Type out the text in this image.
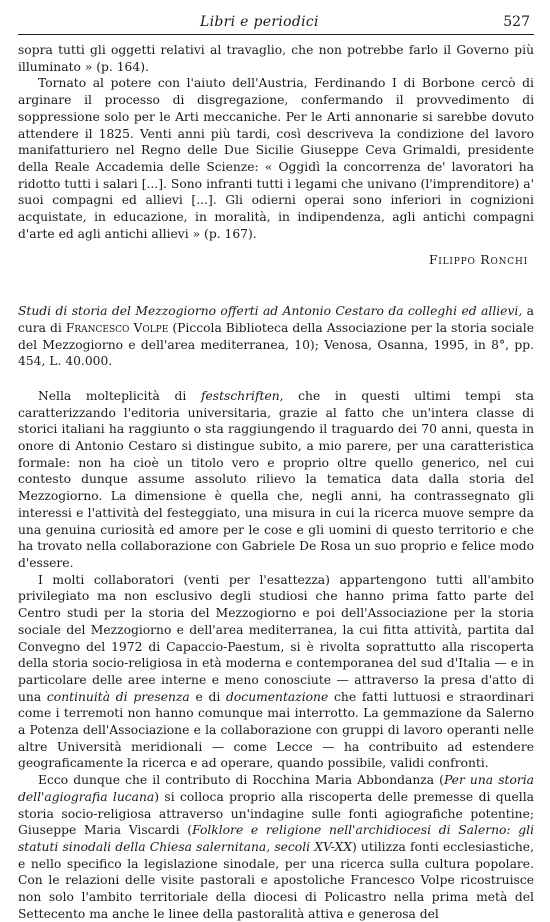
Libri e periodici	527

sopra tutti gli oggetti relativi al travaglio, che non potrebbe farlo il Governo più illuminato » (p. 164).

Tornato al potere con l'aiuto dell'Austria, Ferdinando I di Borbone cercò di arginare il processo di disgregazione, confermando il provvedimento di soppressione solo per le Arti meccaniche. Per le Arti annonarie si sarebbe dovuto attendere il 1825. Venti anni più tardi, così descriveva la condizione del lavoro manifatturiero nel Regno delle Due Sicilie Giuseppe Ceva Grimaldi, presidente della Reale Accademia delle Scienze: « Oggidì la concorrenza de' lavoratori ha ridotto tutti i salari [...]. Sono infranti tutti i legami che univano (l'imprenditore) a' suoi compagni ed allievi [...]. Gli odierni operai sono inferiori in cognizioni acquistate, in educazione, in moralità, in indipendenza, agli antichi compagni d'arte ed agli antichi allievi » (p. 167).

Filippo Ronchi

Studi di storia del Mezzogiorno offerti ad Antonio Cestaro da colleghi ed allievi, a cura di Francesco Volpe (Piccola Biblioteca della Associazione per la storia sociale del Mezzogiorno e dell'area mediterranea, 10); Venosa, Osanna, 1995, in 8°, pp. 454, L. 40.000.

Nella molteplicità di festschriften, che in questi ultimi tempi sta caratterizzando l'editoria universitaria, grazie al fatto che un'intera classe di storici italiani ha raggiunto o sta raggiungendo il traguardo dei 70 anni, questa in onore di Antonio Cestaro si distingue subito, a mio parere, per una caratteristica formale: non ha cioè un titolo vero e proprio oltre quello generico, nel cui contesto dunque assume assoluto rilievo la tematica data dalla storia del Mezzogiorno. La dimensione è quella che, negli anni, ha contrassegnato gli interessi e l'attività del festeggiato, una misura in cui la ricerca muove sempre da una genuina curiosità ed amore per le cose e gli uomini di questo territorio e che ha trovato nella collaborazione con Gabriele De Rosa un suo proprio e felice modo d'essere.

I molti collaboratori (venti per l'esattezza) appartengono tutti all'ambito privilegiato ma non esclusivo degli studiosi che hanno prima fatto parte del Centro studi per la storia del Mezzogiorno e poi dell'Associazione per la storia sociale del Mezzogiorno e dell'area mediterranea, la cui fitta attività, partita dal Convegno del 1972 di Capaccio-Paestum, si è rivolta soprattutto alla riscoperta della storia socio-religiosa in età moderna e contemporanea del sud d'Italia — e in particolare delle aree interne e meno conosciute — attraverso la presa d'atto di una continuità di presenza e di documentazione che fatti luttuosi e straordinari come i terremoti non hanno comunque mai interrotto. La gemmazione da Salerno a Potenza dell'Associazione e la collaborazione con gruppi di lavoro operanti nelle altre Università meridionali — come Lecce — ha contribuito ad estendere geograficamente la ricerca e ad operare, quando possibile, validi confronti.

Ecco dunque che il contributo di Rocchina Maria Abbondanza (Per una storia dell'agiografia lucana) si colloca proprio alla riscoperta delle premesse di quella storia socio-religiosa attraverso un'indagine sulle fonti agiografiche potentine; Giuseppe Maria Viscardi (Folklore e religione nell'archidiocesi di Salerno: gli statuti sinodali della Chiesa salernitana, secoli XV-XX) utilizza fonti ecclesiastiche, e nello specifico la legislazione sinodale, per una ricerca sulla cultura popolare. Con le relazioni delle visite pastorali e apostoliche Francesco Volpe ricostruisce non solo l'ambito territoriale della diocesi di Policastro nella prima metà del Settecento ma anche le linee della pastoralità attiva e generosa del
